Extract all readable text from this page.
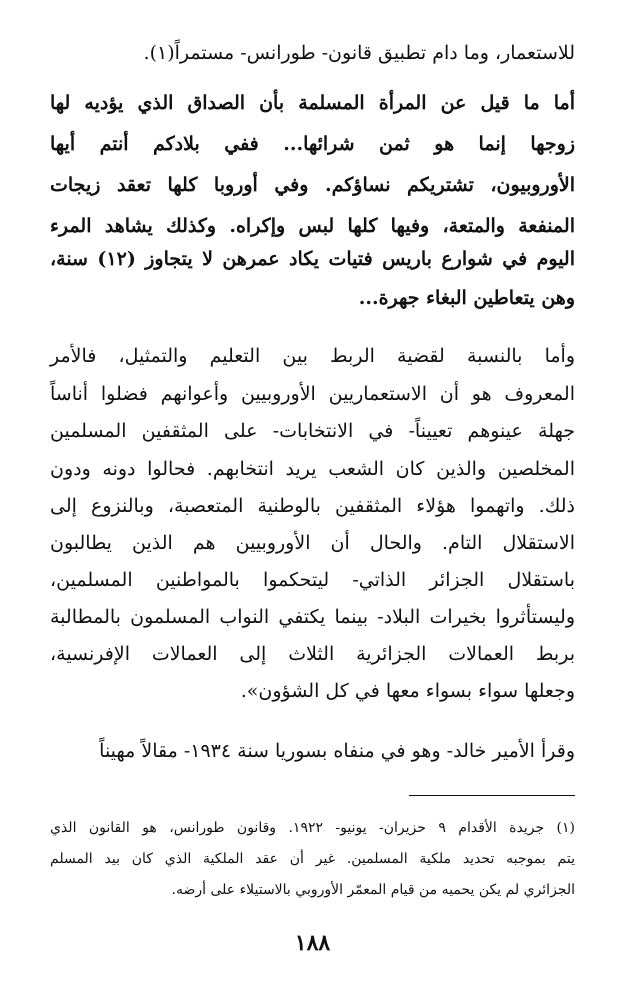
للاستعمار، وما دام تطبيق قانون- طورانس- مستمراً(١).
أما ما قيل عن المرأة المسلمة بأن الصداق الذي يؤديه لها
زوجها إنما هو ثمن شرائها... ففي بلادكم أنتم أيها
الأوروبيون، تشتريكم نساؤكم. وفي أوروبا كلها تعقد زيجات
المنفعة والمتعة، وفيها كلها لبس وإكراه. وكذلك يشاهد المرء
اليوم في شوارع باريس فتيات يكاد عمرهن لا يتجاوز (١٢) سنة،
وهن يتعاطين البغاء جهرة...
وأما بالنسبة لقضية الربط بين التعليم والتمثيل، فالأمر
المعروف هو أن الاستعماريين الأوروبيين وأعوانهم فضلوا أناساً
جهلة عينوهم تعييناً- في الانتخابات- على المثقفين المسلمين
المخلصين والذين كان الشعب يريد انتخابهم. فحالوا دونه ودون
ذلك. واتهموا هؤلاء المثقفين بالوطنية المتعصبة، وبالنزوع إلى
الاستقلال التام. والحال أن الأوروبيين هم الذين يطالبون
باستقلال الجزائر الذاتي- ليتحكموا بالمواطنين المسلمين،
وليستأثروا بخيرات البلاد- بينما يكتفي النواب المسلمون بالمطالبة
بربط العمالات الجزائرية الثلاث إلى العمالات الإفرنسية،
وجعلها سواء بسواء معها في كل الشؤون».
وقرأ الأمير خالد- وهو في منفاه بسوريا سنة ١٩٣٤- مقالاً مهيناً
(١) جريدة الأقدام ٩ حزيران- يونيو- ١٩٢٢. وقانون طورانس، هو القانون الذي
يتم بموجبه تحديد ملكية المسلمين. غير أن عقد الملكية الذي كان بيد المسلم
الجزائري لم يكن يحميه من قيام المعمّر الأوروبي بالاستيلاء على أرضه.
١٨٨
